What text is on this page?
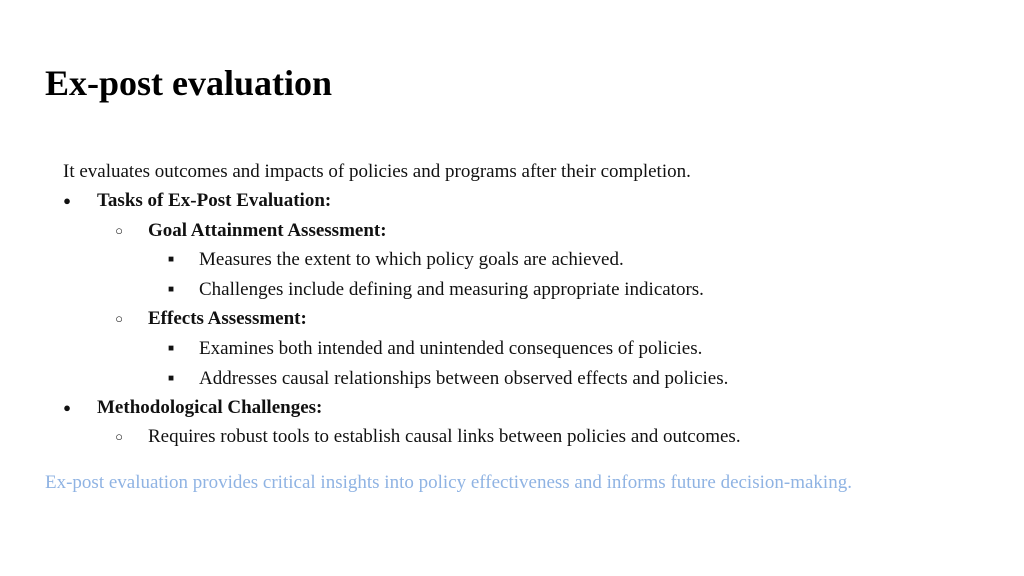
Ex-post evaluation

It evaluates outcomes and impacts of policies and programs after their completion.

● Tasks of Ex-Post Evaluation:
○ Goal Attainment Assessment:
■ Measures the extent to which policy goals are achieved.
■ Challenges include defining and measuring appropriate indicators.
○ Effects Assessment:
■ Examines both intended and unintended consequences of policies.
■ Addresses causal relationships between observed effects and policies.
● Methodological Challenges:
○ Requires robust tools to establish causal links between policies and outcomes.

Ex-post evaluation provides critical insights into policy effectiveness and informs future decision-making.
